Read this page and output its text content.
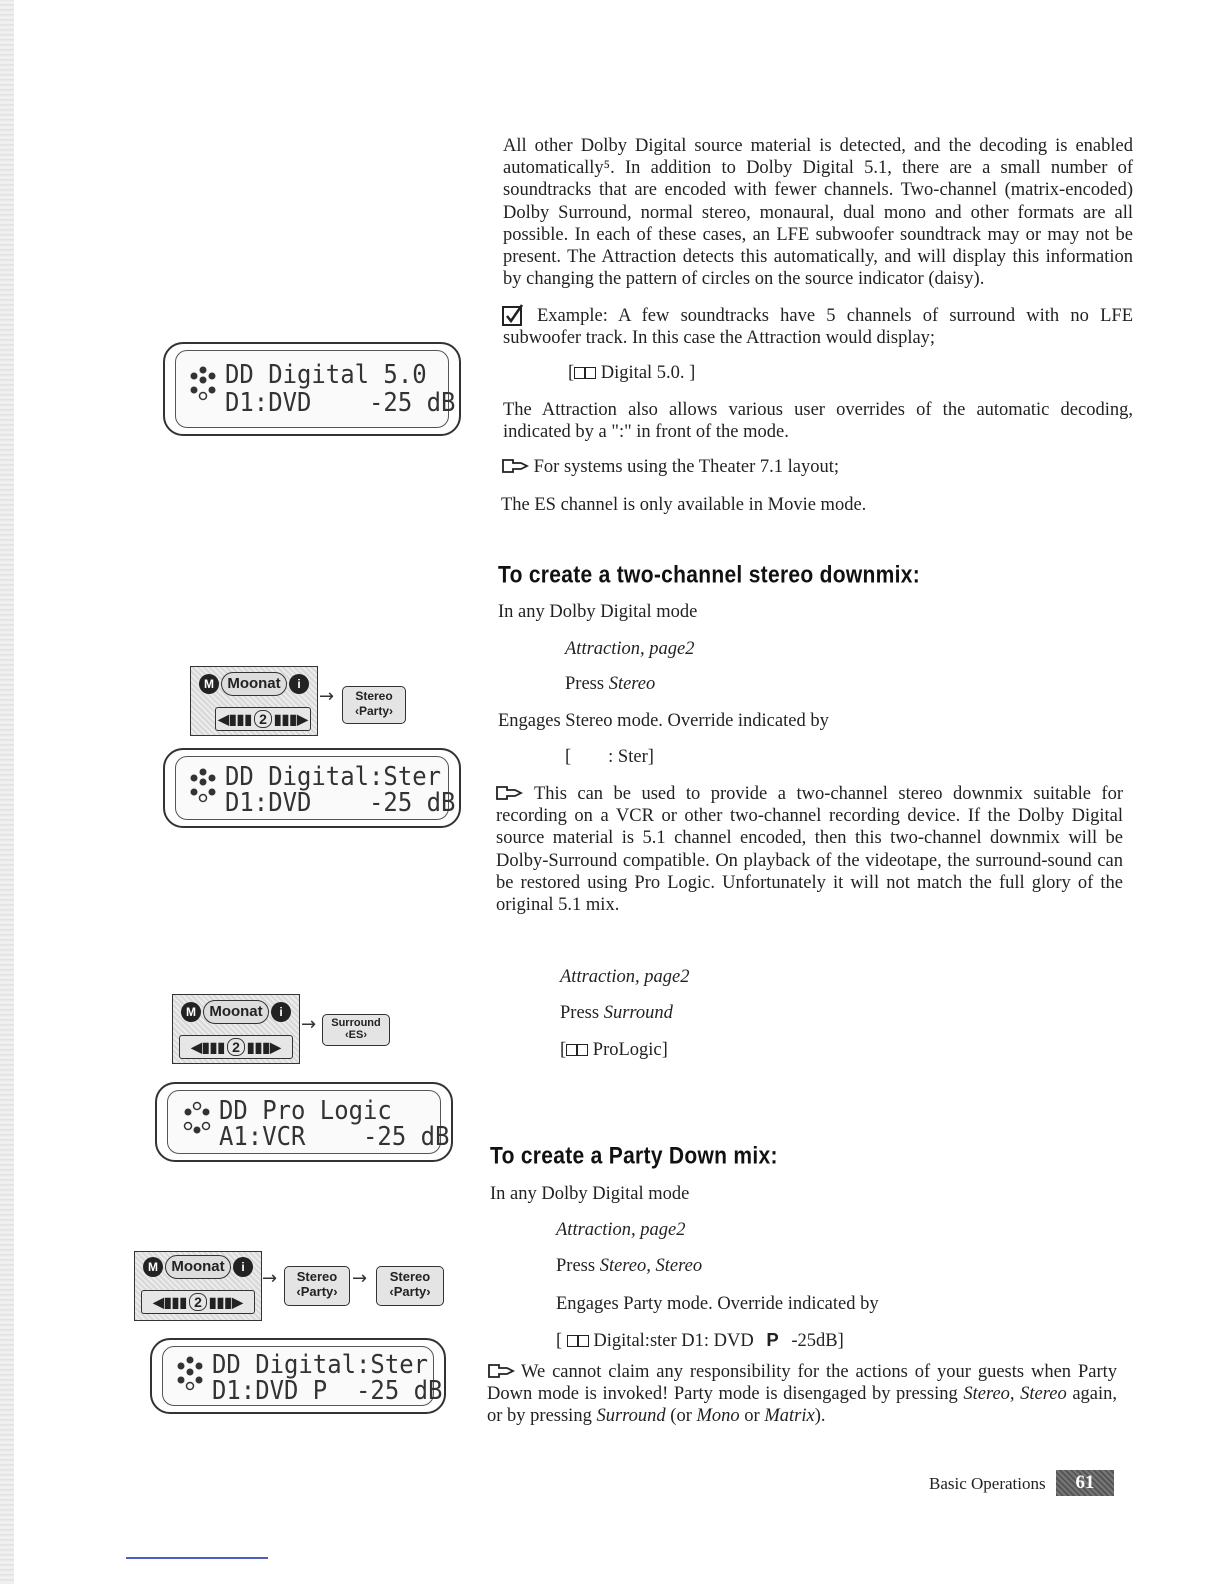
All other Dolby Digital source material is detected, and the decoding is enabled automatically⁵. In addition to Dolby Digital 5.1, there are a small number of soundtracks that are encoded with fewer channels. Two-channel (matrix-encoded) Dolby Surround, normal stereo, monaural, dual mono and other formats are all possible. In each of these cases, an LFE subwoofer soundtrack may or may not be present. The Attraction detects this automatically, and will display this information by changing the pattern of circles on the source indicator (daisy).
Example: A few soundtracks have 5 channels of surround with no LFE subwoofer track. In this case the Attraction would display;
[ Digital 5.0. ]
The Attraction also allows various user overrides of the automatic decoding, indicated by a ":" in front of the mode.
For systems using the Theater 7.1 layout;
The ES channel is only available in Movie mode.
DD Digital 5.0
D1:DVD    -25 dB
To create a two-channel stereo downmix:
In any Dolby Digital mode
Attraction, page2
Press Stereo
Engages Stereo mode. Override indicated by
[        : Ster]
This can be used to provide a two-channel stereo downmix suitable for recording on a VCR or other two-channel recording device. If the Dolby Digital source material is 5.1 channel encoded, then this two-channel downmix will be Dolby-Surround compatible. On playback of the videotape, the surround-sound can be restored using Pro Logic. Unfortunately it will not match the full glory of the original 5.1 mix.
M Moonat	i
◀▮▮▮ 2 ▮▮▮▶
→	Stereo
‹Party›
DD Digital:Ster
D1:DVD    -25 dB
Attraction, page2
Press Surround
[ ProLogic]
M Moonat	i
◀▮▮▮ 2 ▮▮▮▶
→	Surround
‹ES›
DD Pro Logic
A1:VCR    -25 dB
To create a Party Down mix:
In any Dolby Digital mode
Attraction, page2
Press Stereo, Stereo
Engages Party mode. Override indicated by
[
Digital:ster D1: DVD P -25dB]
We cannot claim any responsibility for the actions of your guests when Party Down mode is invoked! Party mode is disengaged by pressing Stereo, Stereo again, or by pressing Surround (or Mono or Matrix).
M Moonat	i
◀▮▮▮ 2 ▮▮▮▶
→	Stereo
‹Party›
→	Stereo
‹Party›
DD Digital:Ster
D1:DVD P  -25 dB
Basic Operations	61
